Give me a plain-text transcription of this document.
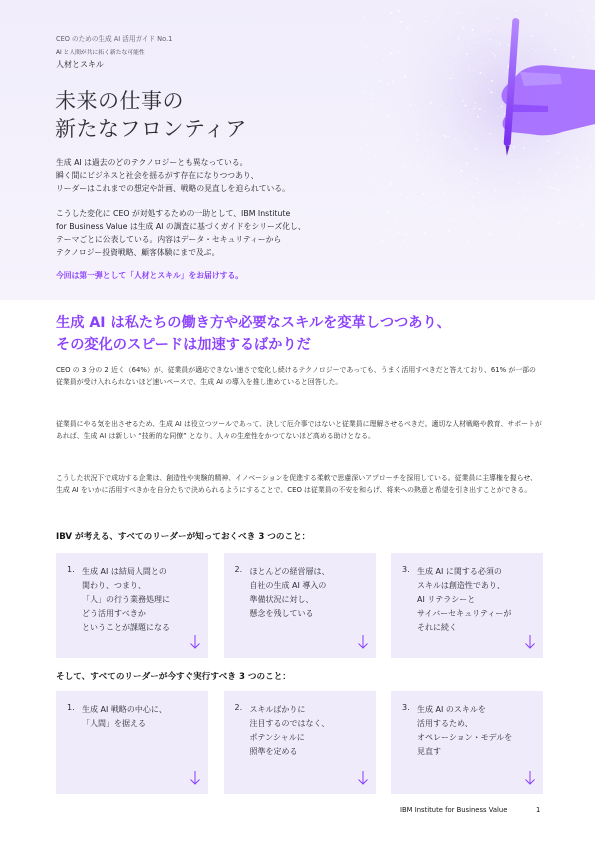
CEO のための生成 AI 活用ガイド No.1
AI と人間が共に拓く新たな可能性
人材とスキル
未来の仕事の
新たなフロンティア

生成 AI は過去のどのテクノロジーとも異なっている。
瞬く間にビジネスと社会を揺るがす存在になりつつあり、
リーダーはこれまでの想定や計画、戦略の見直しを迫られている。

こうした変化に CEO が対処するための一助として、IBM Institute
for Business Value は生成 AI の調査に基づくガイドをシリーズ化し、
テーマごとに公表している。内容はデータ・セキュリティーから
テクノロジー投資戦略、顧客体験にまで及ぶ。

今回は第一弾として「人材とスキル」をお届けする。

生成 AI は私たちの働き方や必要なスキルを変革しつつあり、
その変化のスピードは加速するばかりだ

CEO の 3 分の 2 近く（64%）が、従業員が適応できない速さで変化し続けるテクノロジーであっても、うまく活用すべきだと答えており、61% が一部の従業員が受け入れられないほど速いペースで、生成 AI の導入を推し進めていると回答した。

従業員にやる気を出させるため、生成 AI は役立つツールであって、決して厄介事ではないと従業員に理解させるべきだ。適切な人材戦略や教育、サポートがあれば、生成 AI は新しい “技術的な同僚” となり、人々の生産性をかつてないほど高める助けとなる。

こうした状況下で成功する企業は、創造性や実験的精神、イノベーションを促進する柔軟で思慮深いアプローチを採用している。従業員に主導権を握らせ、生成 AI をいかに活用すべきかを自分たちで決められるようにすることで、CEO は従業員の不安を和らげ、将来への熱意と希望を引き出すことができる。

IBV が考える、すべてのリーダーが知っておくべき 3 つのこと：
1. 生成 AI は結局人間との
関わり、つまり、
「人」の行う業務処理に
どう活用すべきか
ということが課題になる
2. ほとんどの経営層は、
自社の生成 AI 導入の
準備状況に対し、
懸念を残している
3. 生成 AI に関する必須の
スキルは創造性であり、
AI リテラシーと
サイバーセキュリティーが
それに続く
そして、すべてのリーダーが今すぐ実行すべき 3 つのこと：
1. 生成 AI 戦略の中心に、
「人間」を据える
2. スキルばかりに
注目するのではなく、
ポテンシャルに
照準を定める
3. 生成 AI のスキルを
活用するため、
オペレーション・モデルを
見直す
IBM Institute for Business Value	1
